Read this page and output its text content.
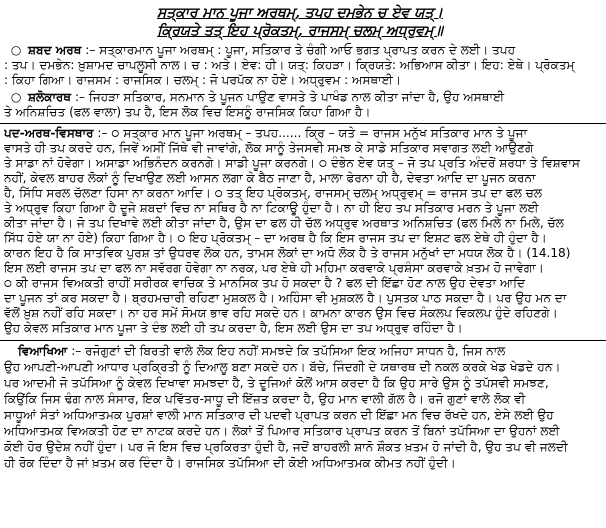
ਸਤ੍ਕਾਰ ਮਾਨ ਪੂਜਾ ਅਰਥਮ੍, ਤਪਹ ਦਮਭੇਨ ਚ ਏਵ ਯਤ੍।
ਕ੍ਰਿਯਤੇ ਤਤ੍ ਇਹ ਪ੍ਰੋਕਤਮ੍, ਰਾਜਸਮ੍ ਚਲਮ੍ ਅਧ੍ਰੁਵਮ੍॥
○ ਸ਼ਬਦ ਅਰਥ :– ਸਤ੍ਕਾਰਮਾਨ ਪੂਜਾ ਅਰਥਮ੍ : ਪੂਜਾ, ਸਤਿਕਾਰ ਤੇ ਚੰਗੀ ਆਓ ਭਗਤ ਪ੍ਰਾਪਤ ਕਰਨ ਦੇ ਲਈ। ਤਪਹ
: ਤਪ। ਦਮਭੇਨ: ਖ਼ੁਸ਼ਾਮਦ ਚਾਪਲੂਸੀ ਨਾਲ। ਚ : ਅਤੇ। ਏਵ: ਹੀ। ਯਤ੍: ਕਿਹੜਾ। ਕ੍ਰਿਯਤੇ: ਅਭਿਆਸ ਕੀਤਾ। ਇਹ: ਏਥੇ। ਪ੍ਰੋਕਤਮ੍
: ਕਿਹਾ ਗਿਆ। ਰਾਜਸਮ : ਰਾਜਸਿਕ। ਚਲਮ੍ : ਜੋ ਪਰਪੱਕ ਨਾ ਹੋਏ। ਅਧ੍ਰੁਵਮ : ਅਸਥਾਈ।
○ ਸ਼ਲੋਕਾਰਥ :– ਜਿਹੜਾ ਸਤਿਕਾਰ, ਸਨਮਾਨ ਤੇ ਪੂਜਨ ਪਾਉਣ ਵਾਸਤੇ ਤੇ ਪਾਖੰਡ ਨਾਲ ਕੀਤਾ ਜਾਂਦਾ ਹੈ, ਉਹ ਅਸਥਾਈ
ਤੇ ਅਨਿਸ਼ਚਿਤ (ਫਲ ਵਾਲਾ) ਤਪ ਹੈ, ਇਸ ਲੋਕ ਵਿਚ ਇਸਨੂੰ ਰਾਜਸਿਕ ਕਿਹਾ ਗਿਆ ਹੈ।
ਪਦ-ਅਰਥ-ਵਿਸਥਾਰ :– ੦ ਸਤ੍ਕਾਰ ਮਾਨ ਪੂਜਾ ਅਰਥਮ੍ – ਤਪਹ...... ਕ੍ਰਿ – ਯਤੇ = ਰਾਜਸ ਮਨੁੱਖ ਸਤਿਕਾਰ ਮਾਨ ਤੇ ਪੂਜਾ
ਵਾਸਤੇ ਹੀ ਤਪ ਕਰਦੇ ਹਨ, ਜਿਵੇਂ ਅਸੀਂ ਜਿੱਥੇ ਵੀ ਜਾਵਾਂਗੇ, ਲੋਕ ਸਾਨੂੰ ਤੇਜਸਵੀ ਸਮਝ ਕੇ ਸਾਡੇ ਸਤਿਕਾਰ ਸਵਾਗਤ ਲਈ ਆਉਣਗੇ
ਤੇ ਸਾਡਾ ਨਾਂ ਹੋਵੇਗਾ। ਅਸਾਡਾ ਅਭਿਨੰਦਨ ਕਰਨਗੇ। ਸਾਡੀ ਪੂਜਾ ਕਰਨਗੇ। ੦ ਦੰਭੇਨ ਏਵ ਯਤ੍ – ਜੋ ਤਪ ਪ੍ਰਤਿ ਅੰਦਰੋਂ ਸ਼ਰਧਾ ਤੇ ਵਿਸ਼ਵਾਸ
ਨਹੀਂ, ਕੇਵਲ ਬਾਹਰ ਲੋਕਾਂ ਨੂੰ ਦਿਖਾਉਣ ਲਈ ਆਸਨ ਲਗਾ ਕੇ ਬੈਠ ਜਾਣਾ ਹੈ, ਮਾਲਾ ਫੇਰਨਾ ਹੀ ਹੈ, ਦੇਵਤਾ ਆਦਿ ਦਾ ਪੂਜਨ ਕਰਨਾ
ਹੈ, ਸਿੱਧਿ ਸਰਲ ਚੱਲਣਾ ਹਿਸਾ ਨਾ ਕਰਨਾ ਆਦਿ। ੦ ਤਤ੍ ਇਹ ਪ੍ਰੋਕਤਮ੍, ਰਾਜਸਮ੍ ਚਲਮ੍ ਅਧ੍ਰੁਵਮ੍ = ਰਾਜਸ ਤਪ ਦਾ ਫਲ ਚਲ
ਤੇ ਅਧ੍ਰੁਵ ਕਿਹਾ ਗਿਆ ਹੈ ਦੂਜੇ ਸ਼ਬਦਾਂ ਵਿਚ ਨਾ ਸਥਿਰ ਹੈ ਨਾ ਟਿਕਾਊ ਹੁੰਦਾ ਹੈ। ਨਾ ਹੀ ਇਹ ਤਪ ਸਤਿਕਾਰ ਮਰਨ ਤੇ ਪੂਜਾ ਲਈ
ਕੀਤਾ ਜਾਂਦਾ ਹੈ। ਜੋ ਤਪ ਦਿਖਾਵੇ ਲਈ ਕੀਤਾ ਜਾਂਦਾ ਹੈ, ਉਸ ਦਾ ਫਲ ਹੀ ਚੱਲ ਅਧ੍ਰੁਵ ਅਰਥਾਤ ਅਨਿਸ਼ਚਿਤ (ਫਲ ਮਿਲੇ ਨਾ ਮਿਲੇ, ਚੱਲ
ਸਿੱਧ ਹੋਏ ਯਾ ਨਾ ਹੋਏ) ਕਿਹਾ ਗਿਆ ਹੈ। ੦ ਇਹ ਪ੍ਰੋਕਤਮ੍ – ਦਾ ਅਰਥ ਹੈ ਕਿ ਇਸ ਰਾਜਸ ਤਪ ਦਾ ਇਸ਼ਟ ਫਲ ਏਥੇ ਹੀ ਹੁੰਦਾ ਹੈ।
ਕਾਰਨ ਇਹ ਹੈ ਕਿ ਸਾਤਵਿਕ ਪੁਰਸ਼ ਤਾਂ ਉਧਰਵ ਲੋਕ ਹਨ, ਤਾਮਸ ਲੋਕਾਂ ਦਾ ਅਧੋ ਲੋਕ ਹੈ ਤੇ ਰਾਜਸ ਮਨੁੱਖਾਂ ਦਾ ਮਧਯ ਲੋਕ ਹੈ। (14.18)
ਇਸ ਲਈ ਰਾਜਸ ਤਪ ਦਾ ਫਲ ਨਾ ਸਵੱਰਗ ਹੋਵੇਗਾ ਨਾ ਨਰਕ, ਪਰ ਏਥੇ ਹੀ ਮਹਿਮਾ ਕਰਵਾਕੇ ਪ੍ਰਸ਼ੰਸਾ ਕਰਵਾਕੇ ਖ਼ਤਮ ਹੋ ਜਾਵੇਗਾ।
੦ ਕੀ ਰਾਜਸ ਵਿਅਕਤੀ ਰਾਹੀਂ ਸਰੀਰਕ ਵਾਚਿਕ ਤੇ ਮਾਨਸਿਕ ਤਪ ਹੋ ਸਕਦਾ ਹੈ ? ਫਲ ਦੀ ਇੱਛਾ ਹੋਣ ਨਾਲ ਉਹ ਦੇਵਤਾ ਆਦਿ
ਦਾ ਪੂਜਨ ਤਾਂ ਕਰ ਸਕਦਾ ਹੈ। ਬ੍ਰਹਮਚਾਰੀ ਰਹਿਣਾ ਮੁਸ਼ਕਲ ਹੈ। ਅਹਿੰਸਾ ਵੀ ਮੁਸ਼ਕਲ ਹੈ। ਪੁਸਤਕ ਪਾਠ ਸਕਦਾ ਹੈ। ਪਰ ਉਹ ਮਨ ਦਾ
ਵੱਲੋਂ ਖ਼ੁਸ਼ ਨਹੀਂ ਰਹਿ ਸਕਦਾ। ਨਾ ਹਰ ਸਮੇਂ ਸੋਮਯ ਭਾਵ ਰਹਿ ਸਕਦੇ ਹਨ। ਕਾਮਨਾ ਕਾਰਨ ਉਸ ਵਿਚ ਸੰਕਲਪ ਵਿਕਲਪ ਹੁੰਦੇ ਰਹਿਣਗੇ।
ਉਹ ਕੇਵਲ ਸਤਿਕਾਰ ਮਾਨ ਪੂਜਾ ਤੇ ਦੰਭ ਲਈ ਹੀ ਤਪ ਕਰਦਾ ਹੈ, ਇਸ ਲਈ ਉਸ ਦਾ ਤਪ ਅਧ੍ਰੁਵ ਰਹਿੰਦਾ ਹੈ।
ਵਿਆਖਿਆ :– ਰਜੋਗੁਣਾਂ ਦੀ ਬਿਰਤੀ ਵਾਲੇ ਲੋਕ ਇਹ ਨਹੀਂ ਸਮਝਦੇ ਕਿ ਤਪੱਸਿਆ ਇਕ ਅਜਿਹਾ ਸਾਧਨ ਹੈ, ਜਿਸ ਨਾਲ
ਉਹ ਆਪਣੀ-ਆਪਣੀ ਆਧਾਰ ਪ੍ਰਕ੍ਰਿਤੀ ਨੂੰ ਦਿਆਲੂ ਬਣਾ ਸਕਦੇ ਹਨ। ਬੱਚੇ, ਜਿੰਦਗੀ ਦੇ ਯਥਾਰਥ ਦੀ ਨਕਲ ਕਰਕੇ ਖੇਡ ਖੇਡਦੇ ਹਨ।
ਪਰ ਆਦਮੀ ਜੋ ਤਪੱਸਿਆ ਨੂੰ ਕੇਵਲ ਦਿਖਾਵਾ ਸਮਝਦਾ ਹੈ, ਤੇ ਦੂਜਿਆਂ ਕੋਲੋਂ ਆਸ ਕਰਦਾ ਹੈ ਕਿ ਉਹ ਸਾਰੇ ਉਸ ਨੂੰ ਤਪੱਸਵੀ ਸਮਝਣ,
ਕਿਉਂਕਿ ਜਿਸ ਢੰਗ ਨਾਲ ਸੰਸਾਰ, ਇਕ ਪਵਿੱਤਰ-ਸਾਧੂ ਦੀ ਇੱਜ਼ਤ ਕਰਦਾ ਹੈ, ਉਹ ਮਾਨ ਵਾਲੀ ਗੱਲ ਹੈ। ਰਜੋ ਗੁਣਾਂ ਵਾਲੇ ਲੋਕ ਵੀ
ਸਾਧੂਆਂ ਸੰਤਾਂ ਅਧਿਆਤਮਕ ਪੁਰਸ਼ਾਂ ਵਾਲੀ ਮਾਨ ਸਤਿਕਾਰ ਦੀ ਪਦਵੀ ਪ੍ਰਾਪਤ ਕਰਨ ਦੀ ਇੱਛਾ ਮਨ ਵਿਚ ਰੱਖਦੇ ਹਨ, ਏਸੇ ਲਈ ਉਹ
ਅਧਿਆਤਮਕ ਵਿਅਕਤੀ ਹੋਣ ਦਾ ਨਾਟਕ ਕਰਦੇ ਹਨ। ਲੋਕਾਂ ਤੋਂ ਪਿਆਰ ਸਤਿਕਾਰ ਪ੍ਰਾਪਤ ਕਰਨ ਤੋਂ ਬਿਨਾਂ ਤਪੱਸਿਆ ਦਾ ਉਹਨਾਂ ਲਈ
ਕੋਈ ਹੋਰ ਉਦੇਸ਼ ਨਹੀਂ ਹੁੰਦਾ। ਪਰ ਜੋ ਇਸ ਵਿਚ ਪ੍ਰਕਿਰਤਾ ਹੁੰਦੀ ਹੈ, ਜਦੋਂ ਬਾਹਰਲੀ ਸ਼ਾਨੋ ਸ਼ੌਕਤ ਖ਼ਤਮ ਹੋ ਜਾਂਦੀ ਹੈ, ਉਹ ਤਪ ਵੀ ਜਲਦੀ
ਹੀ ਰੋਕ ਦਿੰਦਾ ਹੈ ਜਾਂ ਖ਼ਤਮ ਕਰ ਦਿੰਦਾ ਹੈ। ਰਾਜਸਿਕ ਤਪੱਸਿਆ ਦੀ ਕੋਈ ਅਧਿਆਤਮਕ ਕੀਮਤ ਨਹੀਂ ਹੁੰਦੀ।
